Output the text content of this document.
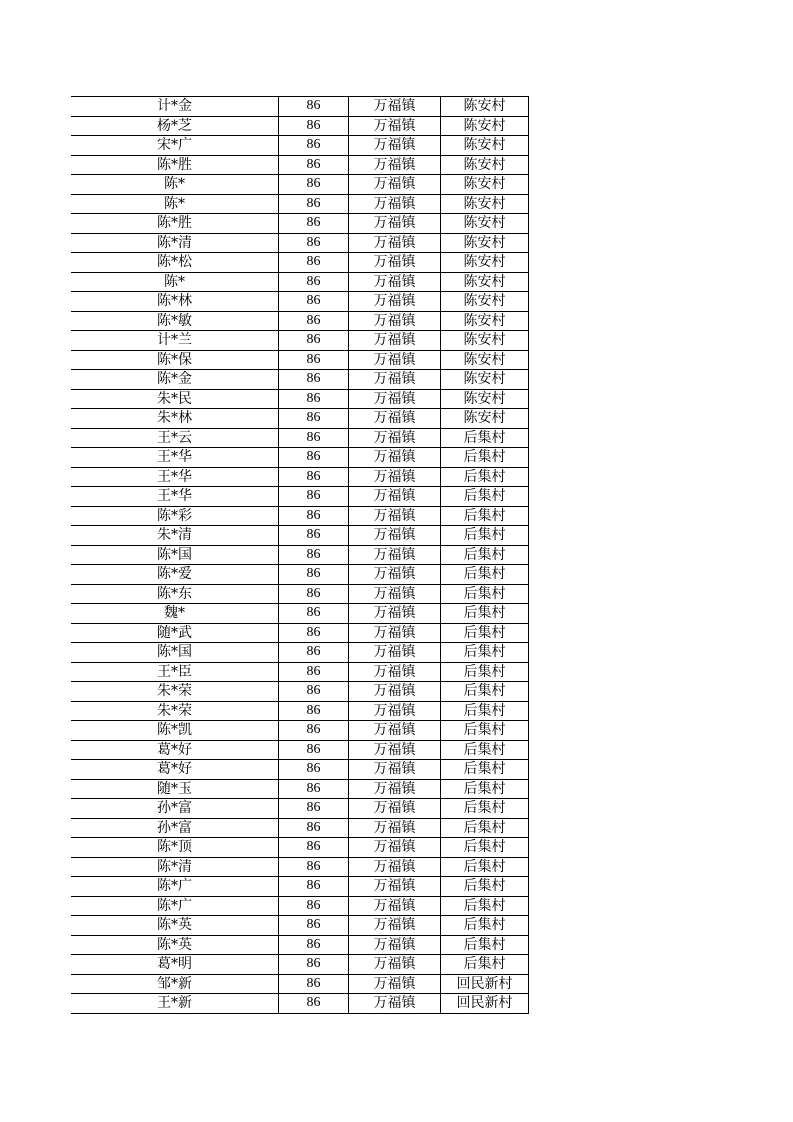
计*金	86	万福镇	陈安村
杨*芝	86	万福镇	陈安村
宋*广	86	万福镇	陈安村
陈*胜	86	万福镇	陈安村
陈*	86	万福镇	陈安村
陈*	86	万福镇	陈安村
陈*胜	86	万福镇	陈安村
陈*清	86	万福镇	陈安村
陈*松	86	万福镇	陈安村
陈*	86	万福镇	陈安村
陈*林	86	万福镇	陈安村
陈*敏	86	万福镇	陈安村
计*兰	86	万福镇	陈安村
陈*保	86	万福镇	陈安村
陈*金	86	万福镇	陈安村
朱*民	86	万福镇	陈安村
朱*林	86	万福镇	陈安村
王*云	86	万福镇	后集村
王*华	86	万福镇	后集村
王*华	86	万福镇	后集村
王*华	86	万福镇	后集村
陈*彩	86	万福镇	后集村
朱*清	86	万福镇	后集村
陈*国	86	万福镇	后集村
陈*爱	86	万福镇	后集村
陈*东	86	万福镇	后集村
魏*	86	万福镇	后集村
随*武	86	万福镇	后集村
陈*国	86	万福镇	后集村
王*臣	86	万福镇	后集村
朱*荣	86	万福镇	后集村
朱*荣	86	万福镇	后集村
陈*凯	86	万福镇	后集村
葛*好	86	万福镇	后集村
葛*好	86	万福镇	后集村
随*玉	86	万福镇	后集村
孙*富	86	万福镇	后集村
孙*富	86	万福镇	后集村
陈*顶	86	万福镇	后集村
陈*清	86	万福镇	后集村
陈*广	86	万福镇	后集村
陈*广	86	万福镇	后集村
陈*英	86	万福镇	后集村
陈*英	86	万福镇	后集村
葛*明	86	万福镇	后集村
邹*新	86	万福镇	回民新村
王*新	86	万福镇	回民新村
